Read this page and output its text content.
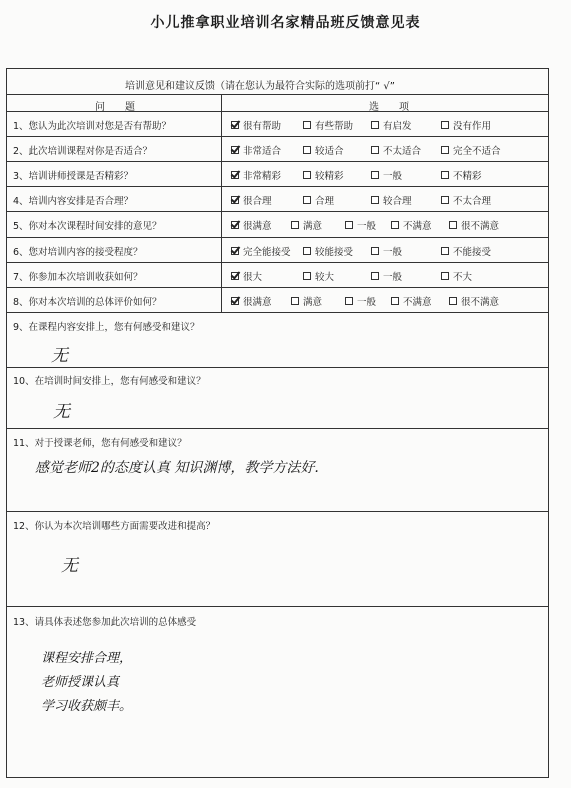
小儿推拿职业培训名家精品班反馈意见表
培训意见和建议反馈（请在您认为最符合实际的选项前打“ √”
问　　题	选　　项
1、您认为此次培训对您是否有帮助？	很有帮助	有些帮助	有启发	没有作用
2、此次培训课程对你是否适合？	非常适合	较适合	不太适合	完全不适合
3、培训讲师授课是否精彩？	非常精彩	较精彩	一般	不精彩
4、培训内容安排是否合理？	很合理	合理	较合理	不太合理
5、你对本次课程时间安排的意见？	很满意	满意	一般	不满意	很不满意
6、您对培训内容的接受程度？	完全能接受	较能接受	一般	不能接受
7、你参加本次培训收获如何？	很大	较大	一般	不大
8、你对本次培训的总体评价如何？	很满意	满意	一般	不满意	很不满意
9、在课程内容安排上，您有何感受和建议？
无
10、在培训时间安排上，您有何感受和建议？
无
11、对于授课老师，您有何感受和建议？
感觉老师2的态度认真 知识渊博，教学方法好.
12、你认为本次培训哪些方面需要改进和提高？
无
13、请具体表述您参加此次培训的总体感受
课程安排合理，
老师授课认真
学习收获颇丰。
